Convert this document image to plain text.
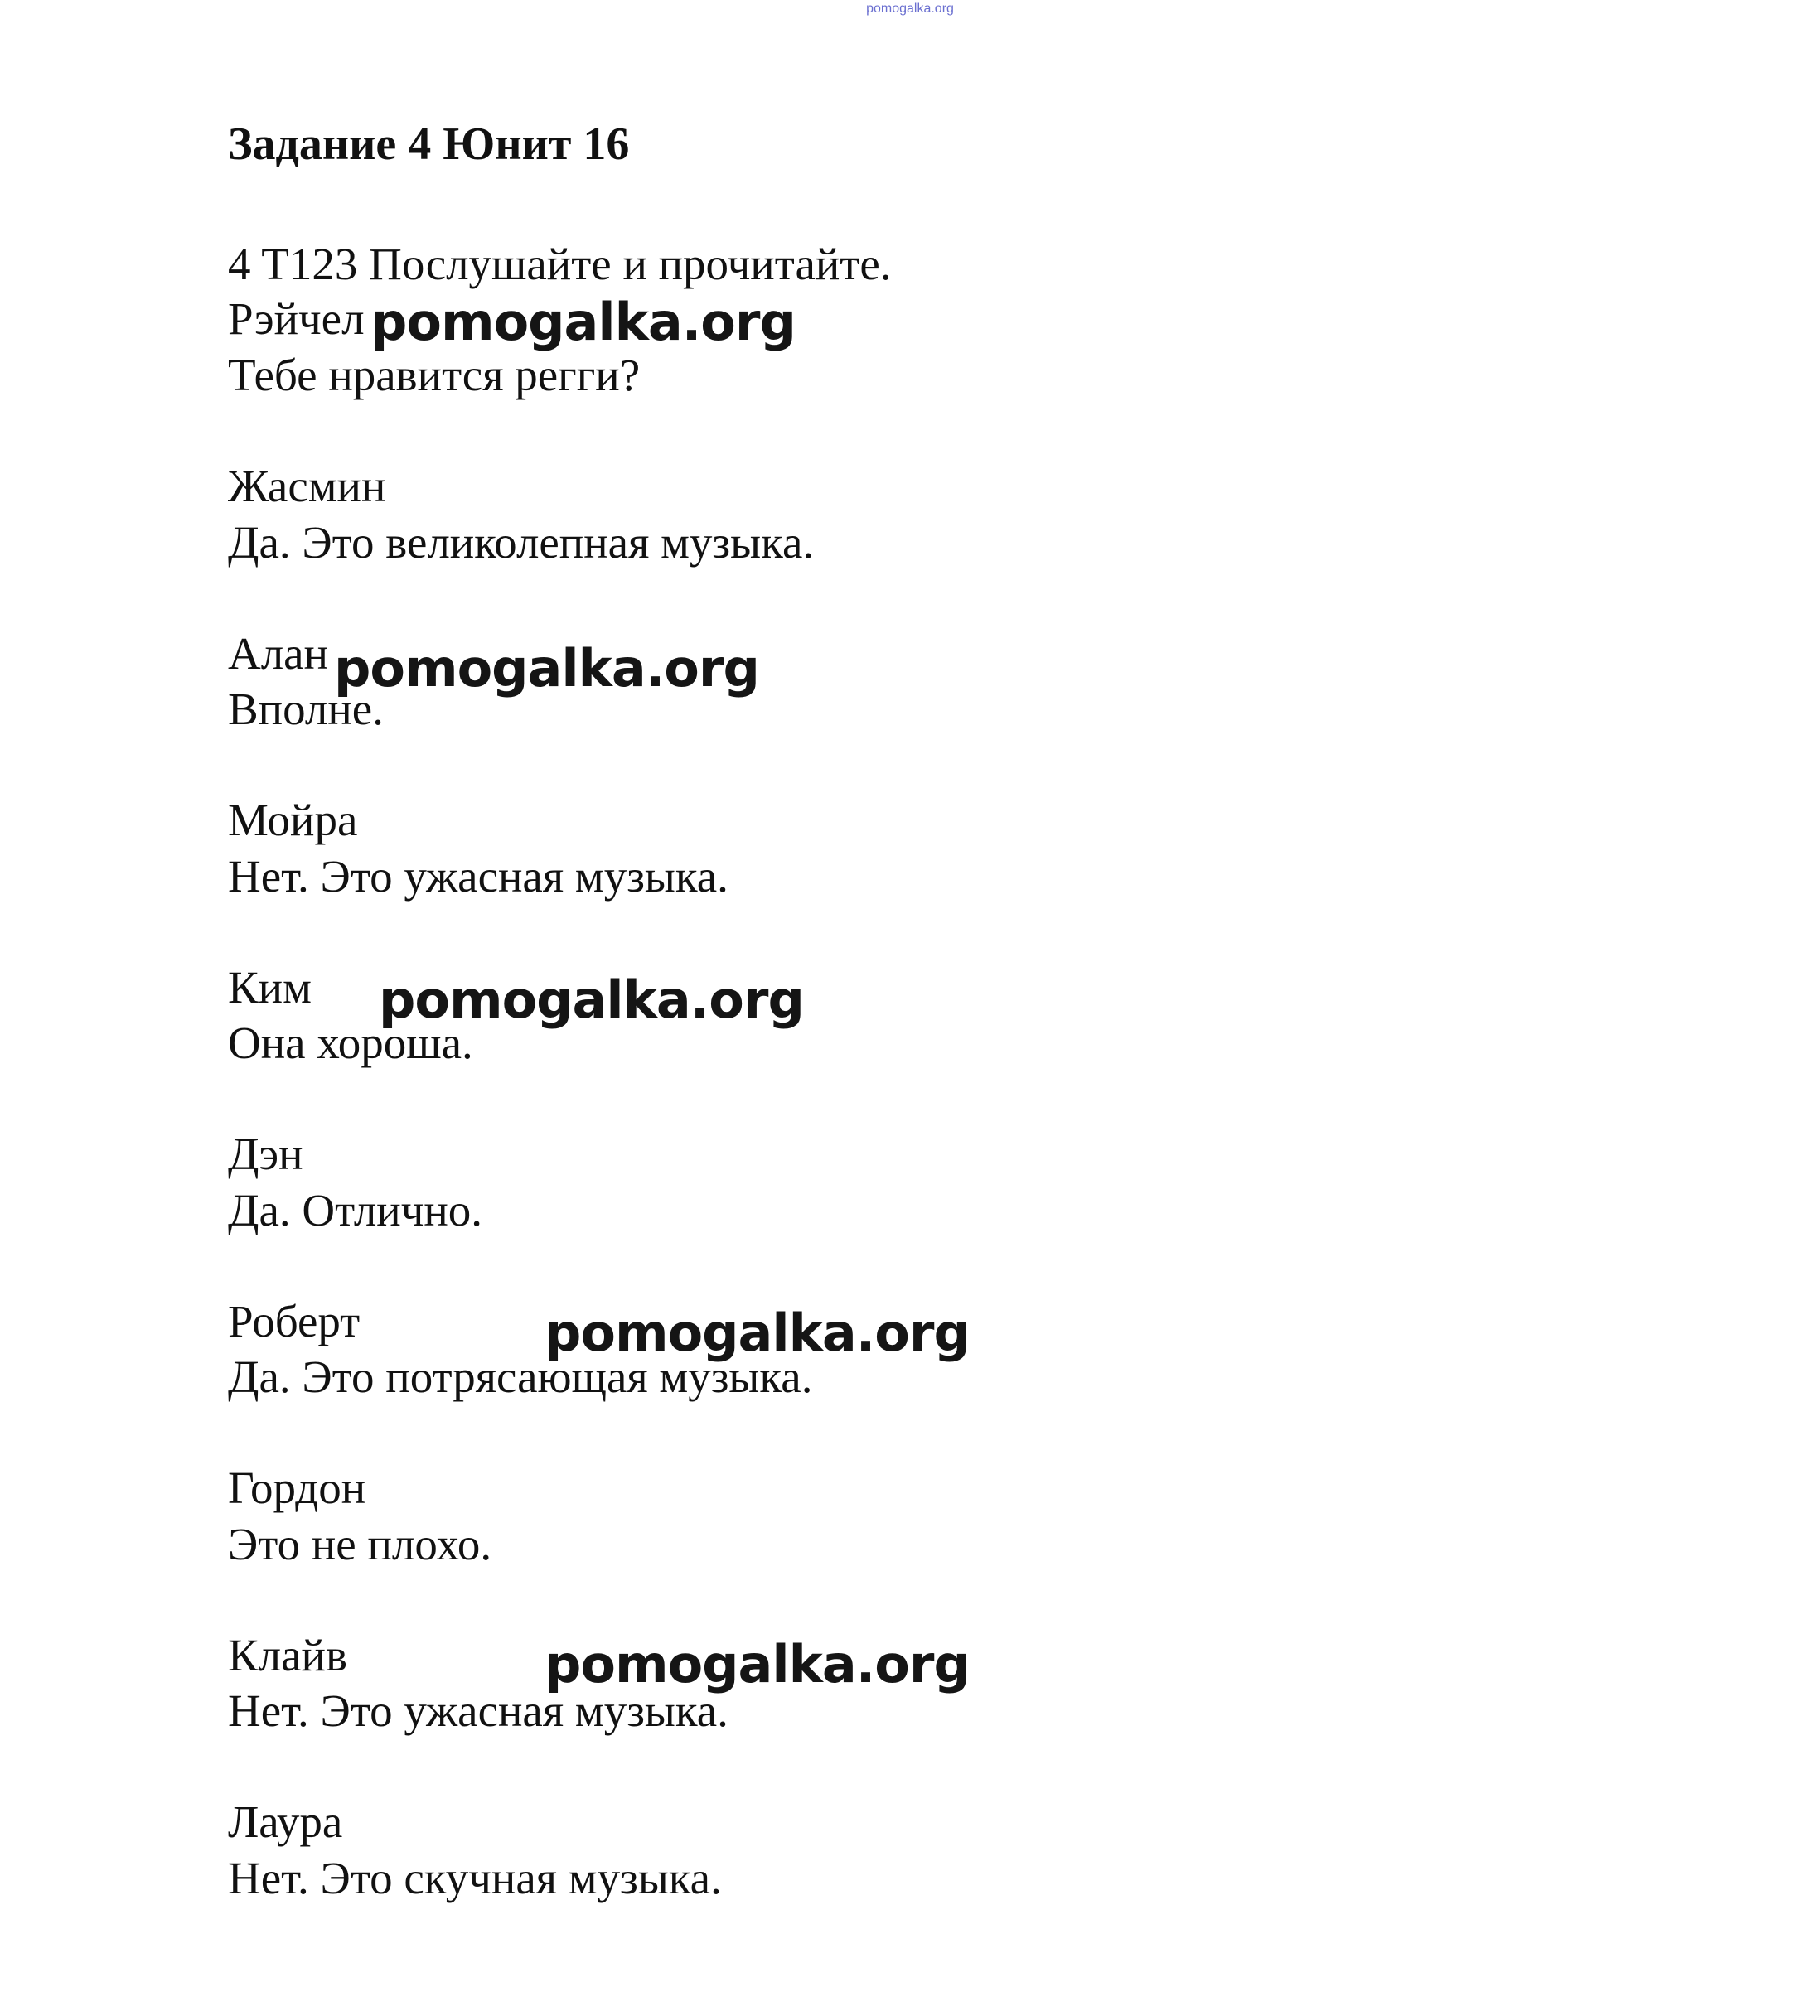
pomogalka.org
Задание 4 Юнит 16
4 T123 Послушайте и прочитайте.
Рэйчел
Тебе нравится регги?
Жасмин
Да. Это великолепная музыка.
Алан
Вполне.
Мойра
Нет. Это ужасная музыка.
Ким
Она хороша.
Дэн
Да. Отлично.
Роберт
Да. Это потрясающая музыка.
Гордон
Это не плохо.
Клайв
Нет. Это ужасная музыка.
Лаура
Нет. Это скучная музыка.
pomogalka.org
pomogalka.org
pomogalka.org
pomogalka.org
pomogalka.org
